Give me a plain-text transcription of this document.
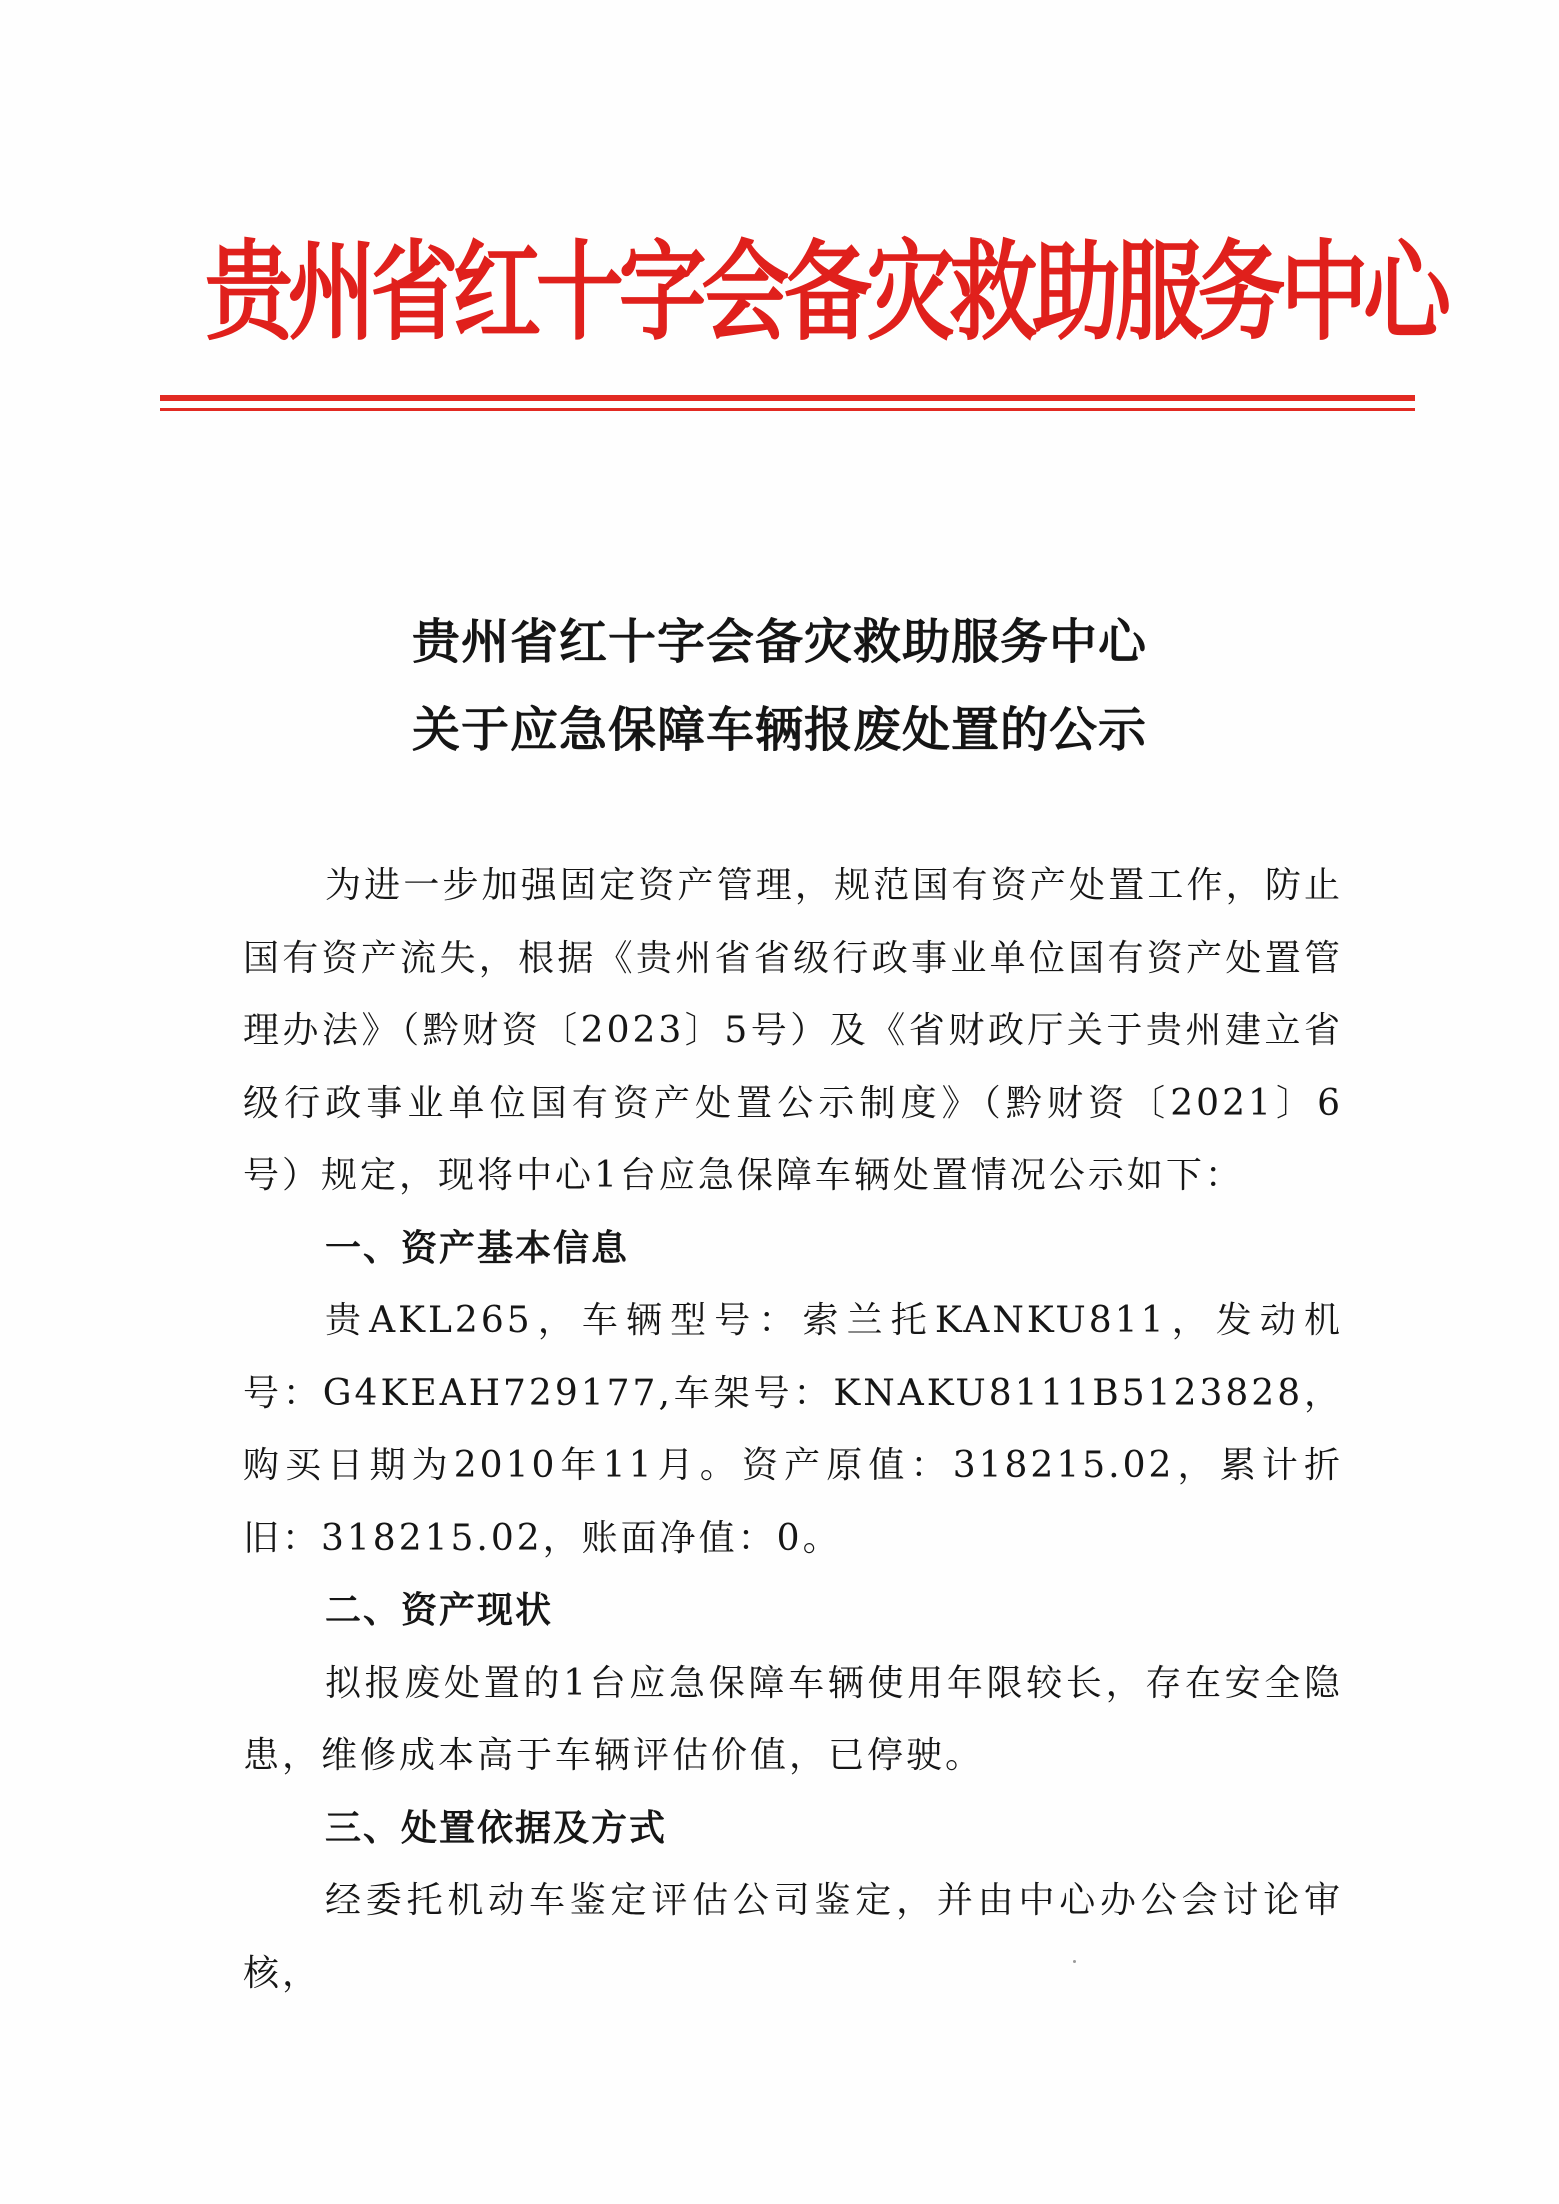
贵州省红十字会备灾救助服务中心
贵州省红十字会备灾救助服务中心
关于应急保障车辆报废处置的公示

为进一步加强固定资产管理，规范国有资产处置工作，防止国有资产流失，根据《贵州省省级行政事业单位国有资产处置管理办法》（黔财资〔2023〕5号）及《省财政厅关于贵州建立省级行政事业单位国有资产处置公示制度》（黔财资〔2021〕6号）规定，现将中心1台应急保障车辆处置情况公示如下：

一、资产基本信息

贵AKL265，车辆型号：索兰托KANKU811，发动机号：G4KEAH729177,车架号：KNAKU8111B5123828，购买日期为2010年11月。资产原值：318215.02，累计折旧：318215.02，账面净值：0。

二、资产现状

拟报废处置的1台应急保障车辆使用年限较长，存在安全隐患，维修成本高于车辆评估价值，已停驶。

三、处置依据及方式

经委托机动车鉴定评估公司鉴定，并由中心办公会讨论审核，
